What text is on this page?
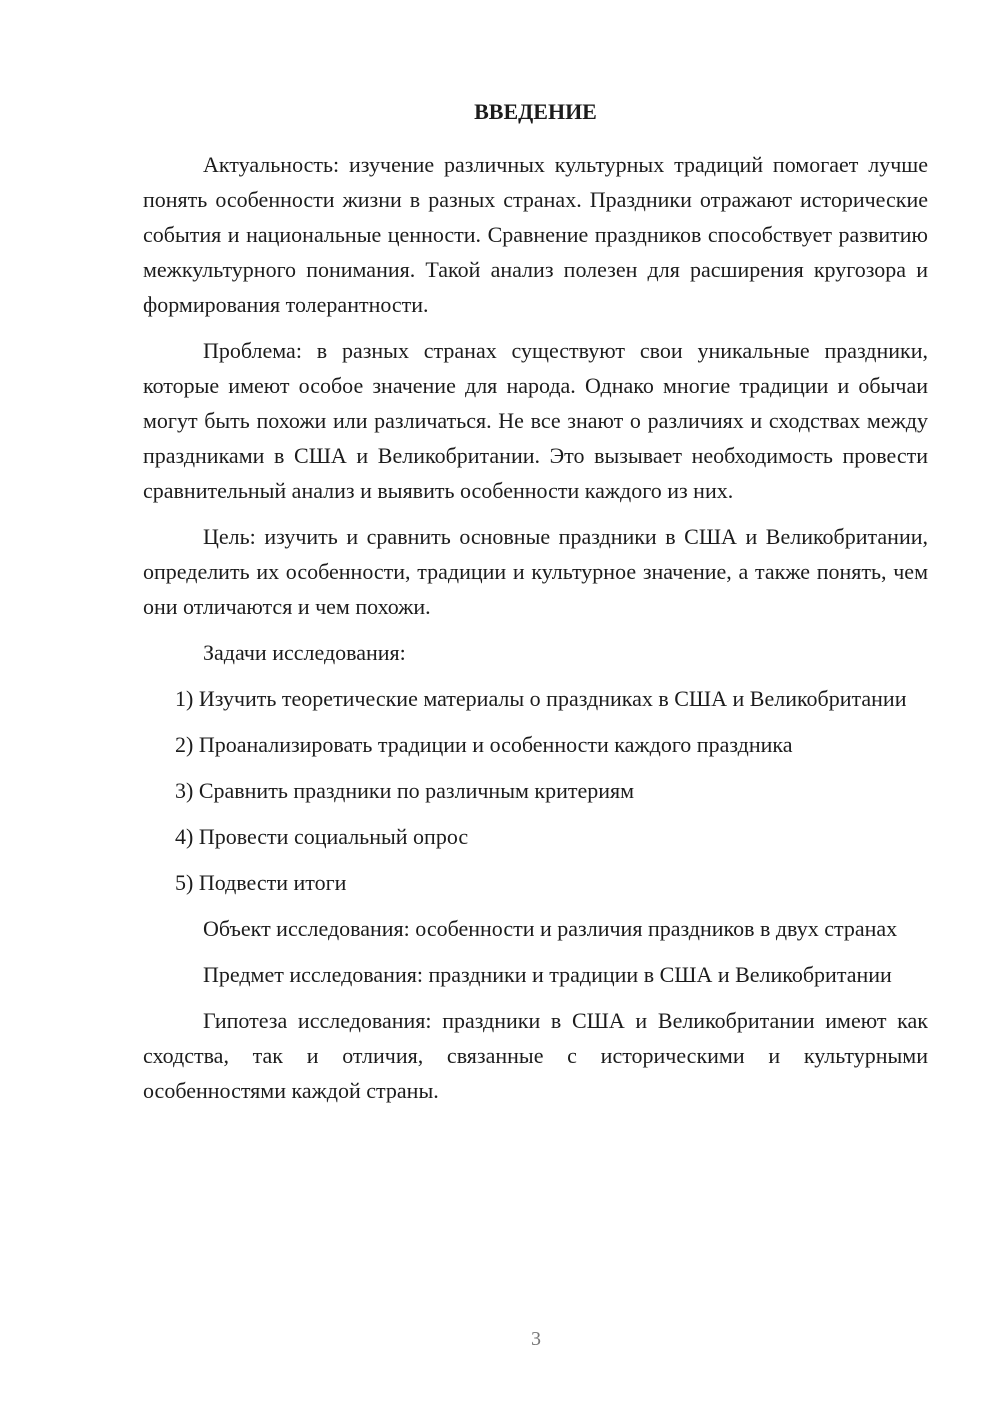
ВВЕДЕНИЕ

Актуальность: изучение различных культурных традиций помогает лучше понять особенности жизни в разных странах. Праздники отражают исторические события и национальные ценности. Сравнение праздников способствует развитию межкультурного понимания. Такой анализ полезен для расширения кругозора и формирования толерантности.

Проблема: в разных странах существуют свои уникальные праздники, которые имеют особое значение для народа. Однако многие традиции и обычаи могут быть похожи или различаться. Не все знают о различиях и сходствах между праздниками в США и Великобритании. Это вызывает необходимость провести сравнительный анализ и выявить особенности каждого из них.

Цель: изучить и сравнить основные праздники в США и Великобритании, определить их особенности, традиции и культурное значение, а также понять, чем они отличаются и чем похожи.

Задачи исследования:

1) Изучить теоретические материалы о праздниках в США и Великобритании

2) Проанализировать традиции и особенности каждого праздника

3) Сравнить праздники по различным критериям

4) Провести социальный опрос

5) Подвести итоги

Объект исследования: особенности и различия праздников в двух странах

Предмет исследования: праздники и традиции в США и Великобритании

Гипотеза исследования: праздники в США и Великобритании имеют как сходства, так и отличия, связанные с историческими и культурными особенностями каждой страны.

3
